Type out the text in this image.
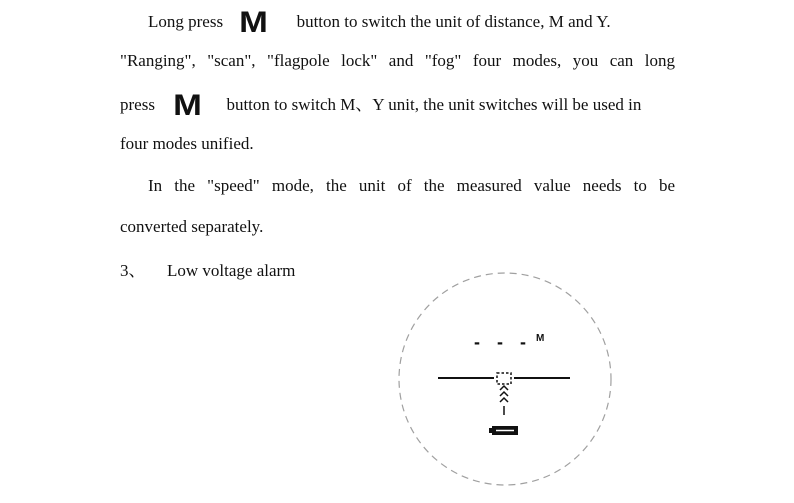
Long press M button to switch the unit of distance, M and Y.
"Ranging", "scan", "flagpole lock" and "fog" four modes, you can long
press M button to switch M、Y unit, the unit switches will be used in
four modes unified.
In the "speed" mode, the unit of the measured value needs to be
converted separately.
3、 Low voltage alarm
- - - M
